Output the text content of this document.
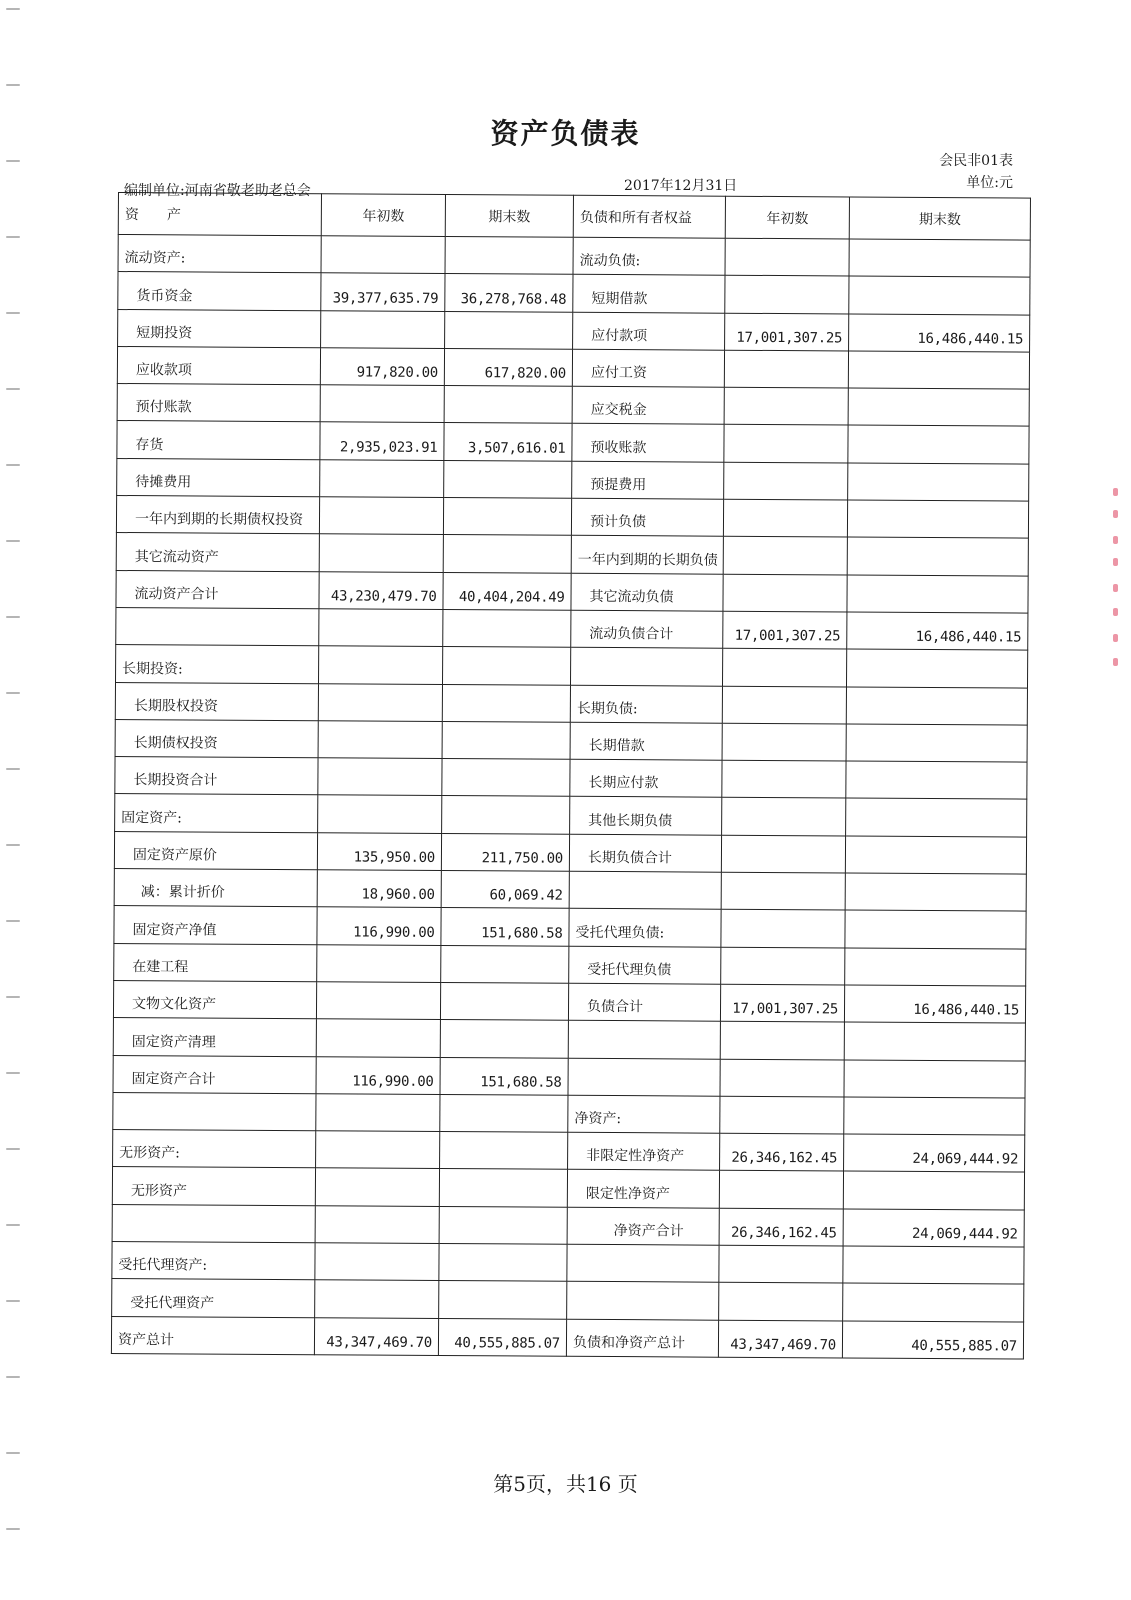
资产负债表
会民非01表
单位:元
编制单位:河南省敬老助老总会	2017年12月31日
资　　产	年初数	期末数	负债和所有者权益	年初数	期末数
流动资产:			流动负债:		
货币资金	39,377,635.79	36,278,768.48	短期借款		
短期投资			应付款项	17,001,307.25	16,486,440.15
应收款项	917,820.00	617,820.00	应付工资		
预付账款			应交税金		
存货	2,935,023.91	3,507,616.01	预收账款		
待摊费用			预提费用		
一年内到期的长期债权投资			预计负债		
其它流动资产			一年内到期的长期负债		
流动资产合计	43,230,479.70	40,404,204.49	其它流动负债		
			流动负债合计	17,001,307.25	16,486,440.15
长期投资:					
长期股权投资			长期负债:		
长期债权投资			长期借款		
长期投资合计			长期应付款		
固定资产:			其他长期负债		
固定资产原价	135,950.00	211,750.00	长期负债合计		
减：累计折价	18,960.00	60,069.42			
固定资产净值	116,990.00	151,680.58	受托代理负债:		
在建工程			受托代理负债		
文物文化资产			负债合计	17,001,307.25	16,486,440.15
固定资产清理					
固定资产合计	116,990.00	151,680.58			
			净资产:		
无形资产:			非限定性净资产	26,346,162.45	24,069,444.92
无形资产			限定性净资产		
			净资产合计	26,346,162.45	24,069,444.92
受托代理资产:					
受托代理资产					
资产总计	43,347,469.70	40,555,885.07	负债和净资产总计	43,347,469.70	40,555,885.07
第5页，共16 页
